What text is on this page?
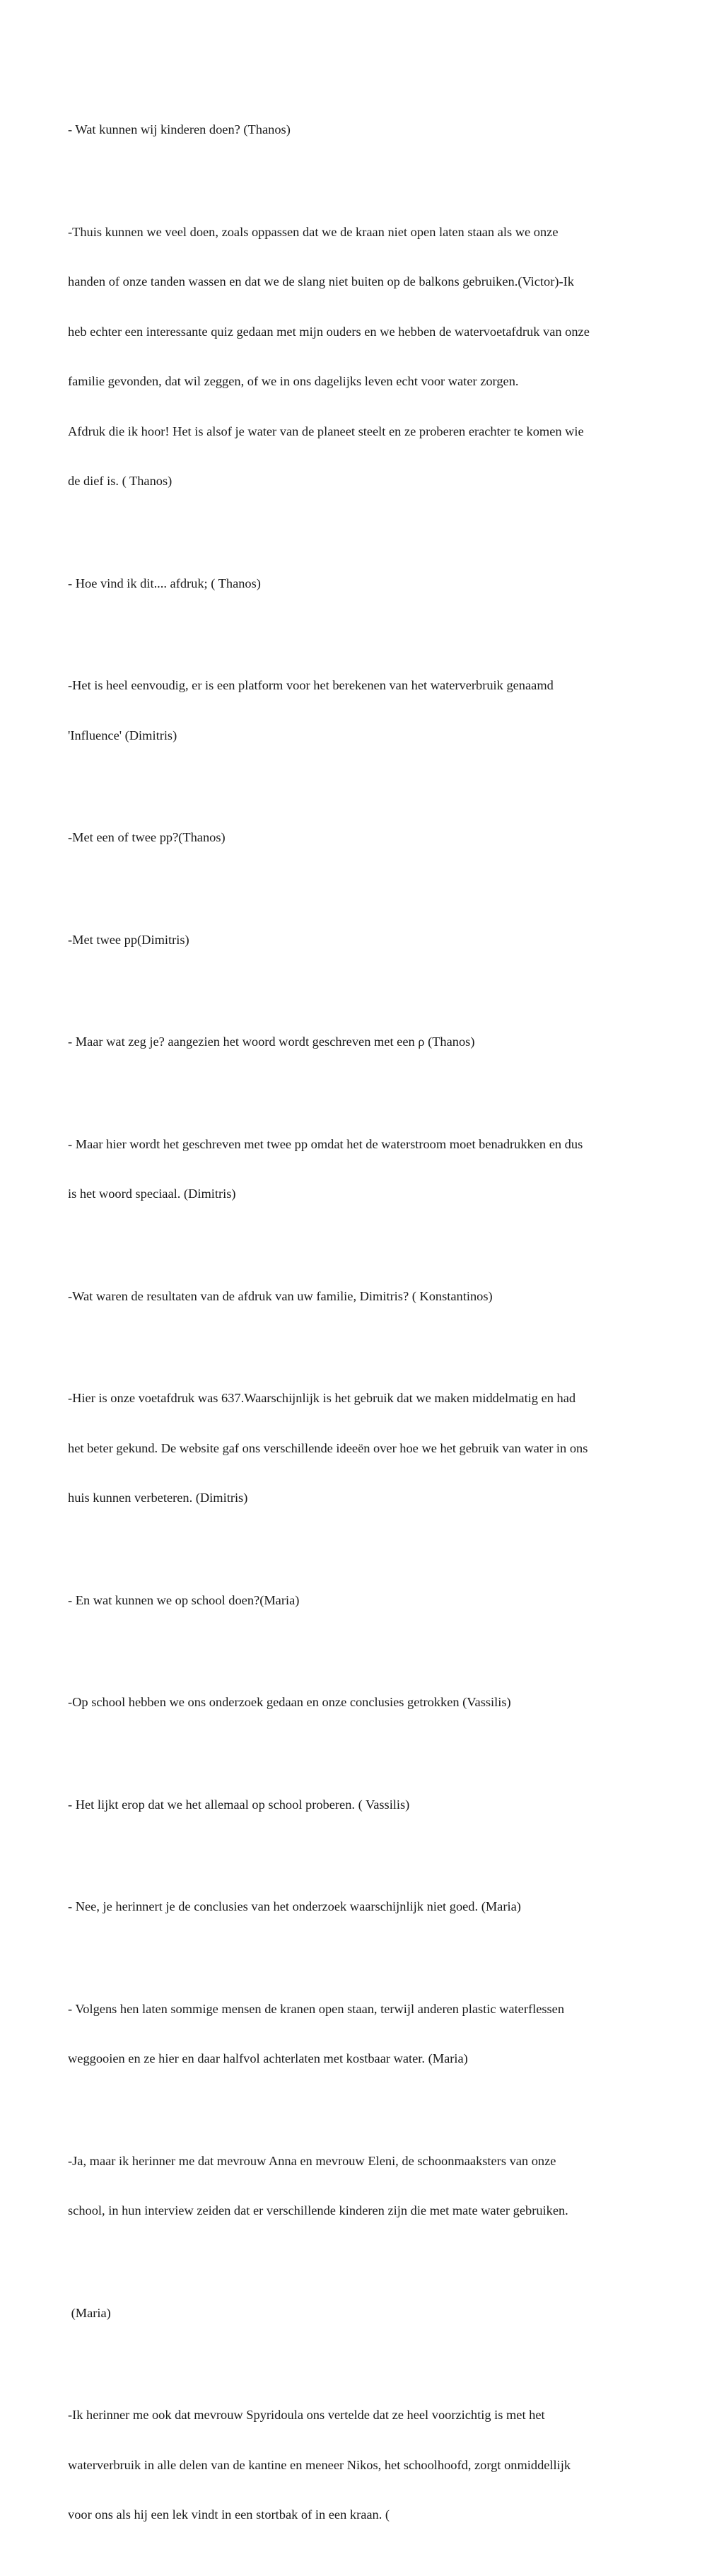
- Wat kunnen wij kinderen doen? (Thanos)

-Thuis kunnen we veel doen, zoals oppassen dat we de kraan niet open laten staan als we onze

handen of onze tanden wassen en dat we de slang niet buiten op de balkons gebruiken.(Victor)-Ik

heb echter een interessante quiz gedaan met mijn ouders en we hebben de watervoetafdruk van onze

familie gevonden, dat wil zeggen, of we in ons dagelijks leven echt voor water zorgen.

Afdruk die ik hoor! Het is alsof je water van de planeet steelt en ze proberen erachter te komen wie

de dief is. ( Thanos)

- Hoe vind ik dit.... afdruk; ( Thanos)

-Het is heel eenvoudig, er is een platform voor het berekenen van het waterverbruik genaamd

'Influence' (Dimitris)

-Met een of twee pp?(Thanos)

-Met twee pp(Dimitris)

- Maar wat zeg je? aangezien het woord wordt geschreven met een ρ (Thanos)

- Maar hier wordt het geschreven met twee pp omdat het de waterstroom moet benadrukken en dus

is het woord speciaal. (Dimitris)

-Wat waren de resultaten van de afdruk van uw familie, Dimitris? ( Konstantinos)

-Hier is onze voetafdruk was 637.Waarschijnlijk is het gebruik dat we maken middelmatig en had

het beter gekund. De website gaf ons verschillende ideeën over hoe we het gebruik van water in ons

huis kunnen verbeteren. (Dimitris)

- En wat kunnen we op school doen?(Maria)

-Op school hebben we ons onderzoek gedaan en onze conclusies getrokken (Vassilis)

- Het lijkt erop dat we het allemaal op school proberen. ( Vassilis)

- Nee, je herinnert je de conclusies van het onderzoek waarschijnlijk niet goed. (Maria)

- Volgens hen laten sommige mensen de kranen open staan, terwijl anderen plastic waterflessen

weggooien en ze hier en daar halfvol achterlaten met kostbaar water. (Maria)

-Ja, maar ik herinner me dat mevrouw Anna en mevrouw Eleni, de schoonmaaksters van onze

school, in hun interview zeiden dat er verschillende kinderen zijn die met mate water gebruiken.

(Maria)

-Ik herinner me ook dat mevrouw Spyridoula ons vertelde dat ze heel voorzichtig is met het

waterverbruik in alle delen van de kantine en meneer Nikos, het schoolhoofd, zorgt onmiddellijk

voor ons als hij een lek vindt in een stortbak of in een kraan. (
